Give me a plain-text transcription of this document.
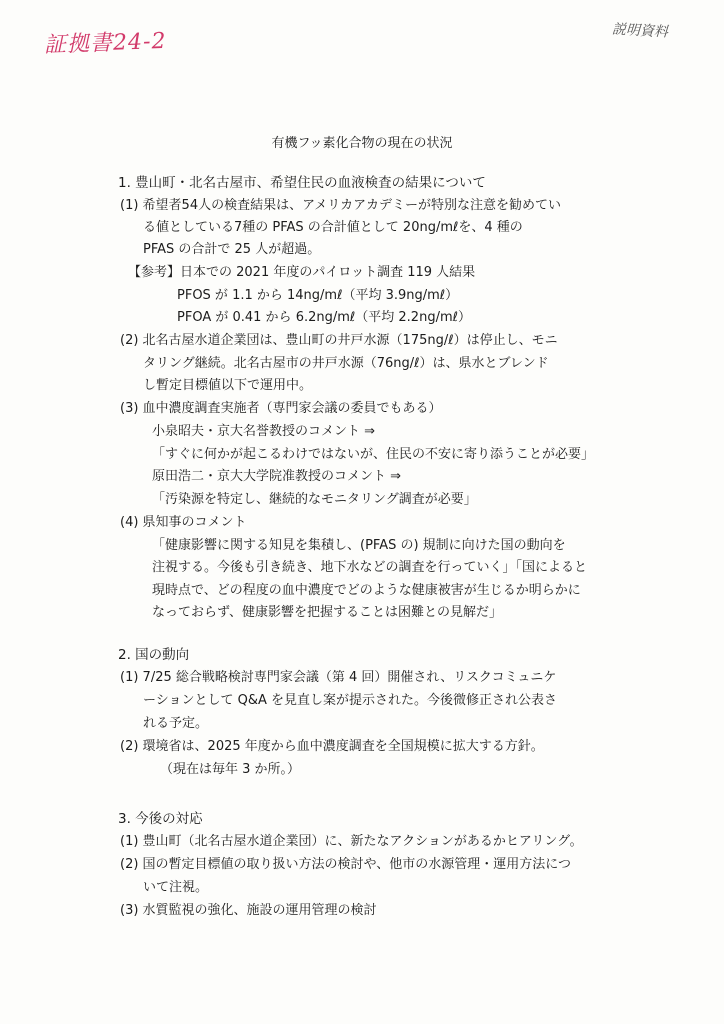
証拠書24-2	説明資料
有機フッ素化合物の現在の状況
1. 豊山町・北名古屋市、希望住民の血液検査の結果について
(1) 希望者54人の検査結果は、アメリカアカデミーが特別な注意を勧めてい
る値としている7種の PFAS の合計値として 20ng/mℓを、4 種の
PFAS の合計で 25 人が超過。
【参考】日本での 2021 年度のパイロット調査 119 人結果
PFOS が 1.1 から 14ng/mℓ（平均 3.9ng/mℓ）
PFOA が 0.41 から 6.2ng/mℓ（平均 2.2ng/mℓ）
(2) 北名古屋水道企業団は、豊山町の井戸水源（175ng/ℓ）は停止し、モニ
タリング継続。北名古屋市の井戸水源（76ng/ℓ）は、県水とブレンド
し暫定目標値以下で運用中。
(3) 血中濃度調査実施者（専門家会議の委員でもある）
小泉昭夫・京大名誉教授のコメント ⇒
「すぐに何かが起こるわけではないが、住民の不安に寄り添うことが必要」
原田浩二・京大大学院准教授のコメント ⇒
「汚染源を特定し、継続的なモニタリング調査が必要」
(4) 県知事のコメント
「健康影響に関する知見を集積し、(PFAS の) 規制に向けた国の動向を
注視する。今後も引き続き、地下水などの調査を行っていく」「国によると
現時点で、どの程度の血中濃度でどのような健康被害が生じるか明らかに
なっておらず、健康影響を把握することは困難との見解だ」
2. 国の動向
(1) 7/25 総合戦略検討専門家会議（第 4 回）開催され、リスクコミュニケ
ーションとして Q&A を見直し案が提示された。今後微修正され公表さ
れる予定。
(2) 環境省は、2025 年度から血中濃度調査を全国規模に拡大する方針。
（現在は毎年 3 か所。）
3. 今後の対応
(1) 豊山町（北名古屋水道企業団）に、新たなアクションがあるかヒアリング。
(2) 国の暫定目標値の取り扱い方法の検討や、他市の水源管理・運用方法につ
いて注視。
(3) 水質監視の強化、施設の運用管理の検討
